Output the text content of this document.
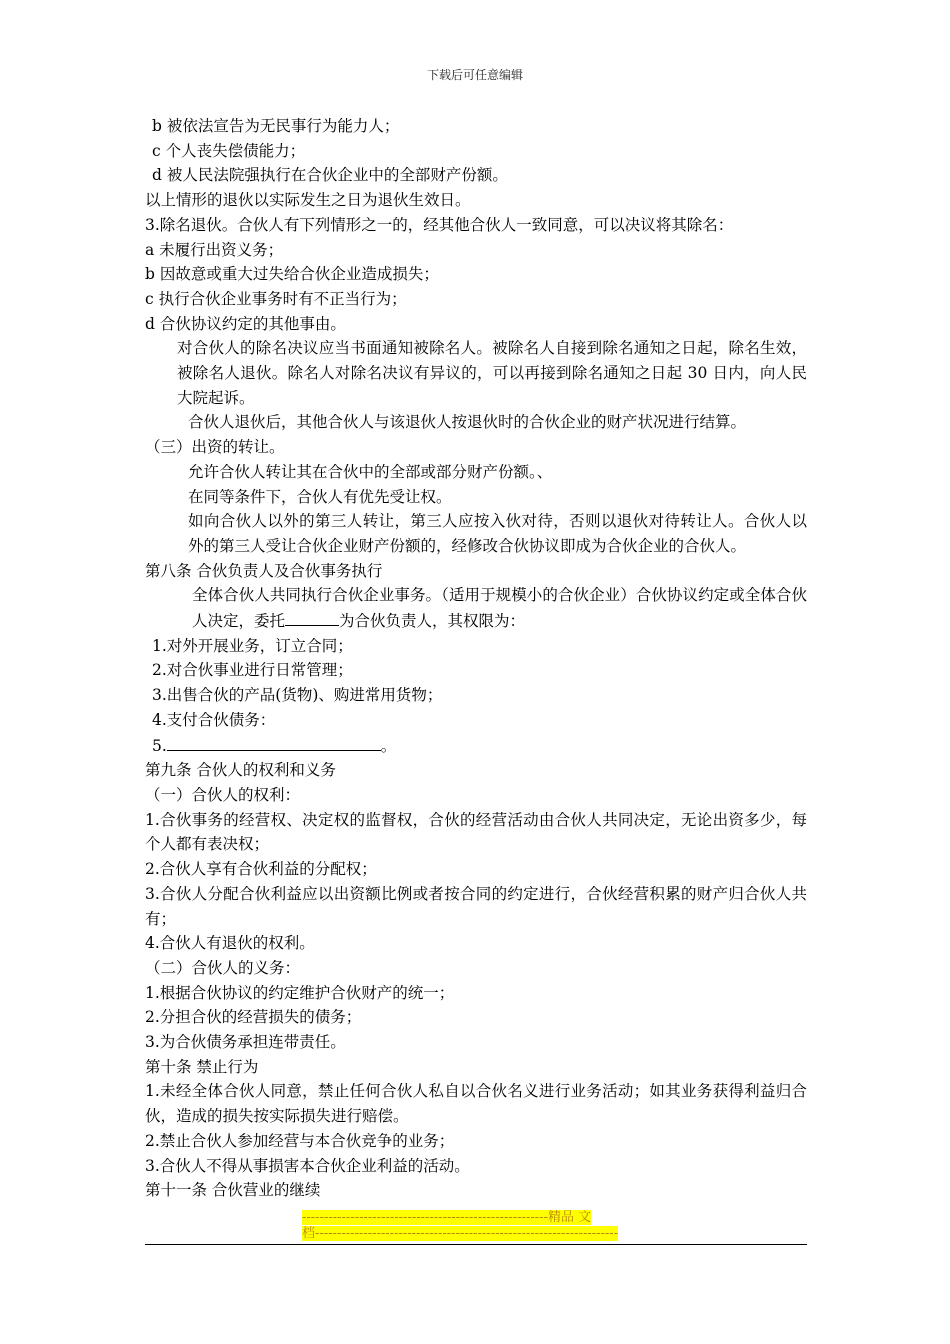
下载后可任意编辑
b 被依法宣告为无民事行为能力人；
c 个人丧失偿债能力；
d 被人民法院强执行在合伙企业中的全部财产份额。
以上情形的退伙以实际发生之日为退伙生效日。
3.除名退伙。合伙人有下列情形之一的，经其他合伙人一致同意，可以决议将其除名：
a 未履行出资义务；
b 因故意或重大过失给合伙企业造成损失；
c 执行合伙企业事务时有不正当行为；
d 合伙协议约定的其他事由。
对合伙人的除名决议应当书面通知被除名人。被除名人自接到除名通知之日起，除名生效，被除名人退伙。除名人对除名决议有异议的，可以再接到除名通知之日起 30 日内，向人民大院起诉。
合伙人退伙后，其他合伙人与该退伙人按退伙时的合伙企业的财产状况进行结算。
（三）出资的转让。
允许合伙人转让其在合伙中的全部或部分财产份额。、
在同等条件下，合伙人有优先受让权。
如向合伙人以外的第三人转让，第三人应按入伙对待，否则以退伙对待转让人。合伙人以外的第三人受让合伙企业财产份额的，经修改合伙协议即成为合伙企业的合伙人。
第八条 合伙负责人及合伙事务执行
全体合伙人共同执行合伙企业事务。（适用于规模小的合伙企业）合伙协议约定或全体合伙人决定，委托	为合伙负责人，其权限为：
1.对外开展业务，订立合同；
2.对合伙事业进行日常管理；
3.出售合伙的产品(货物)、购进常用货物；
4.支付合伙债务：
5.	。
第九条 合伙人的权利和义务
（一）合伙人的权利：
1.合伙事务的经营权、决定权的监督权，合伙的经营活动由合伙人共同决定，无论出资多少，每个人都有表决权；
2.合伙人享有合伙利益的分配权；
3.合伙人分配合伙利益应以出资额比例或者按合同的约定进行，合伙经营积累的财产归合伙人共有；
4.合伙人有退伙的权利。
（二）合伙人的义务：
1.根据合伙协议的约定维护合伙财产的统一；
2.分担合伙的经营损失的债务；
3.为合伙债务承担连带责任。
第十条 禁止行为
1.未经全体合伙人同意，禁止任何合伙人私自以合伙名义进行业务活动；如其业务获得利益归合伙，造成的损失按实际损失进行赔偿。
2.禁止合伙人参加经营与本合伙竞争的业务；
3.合伙人不得从事损害本合伙企业利益的活动。
第十一条 合伙营业的继续
--------------------------------------------------------精品 文
档---------------------------------------------------------------------
